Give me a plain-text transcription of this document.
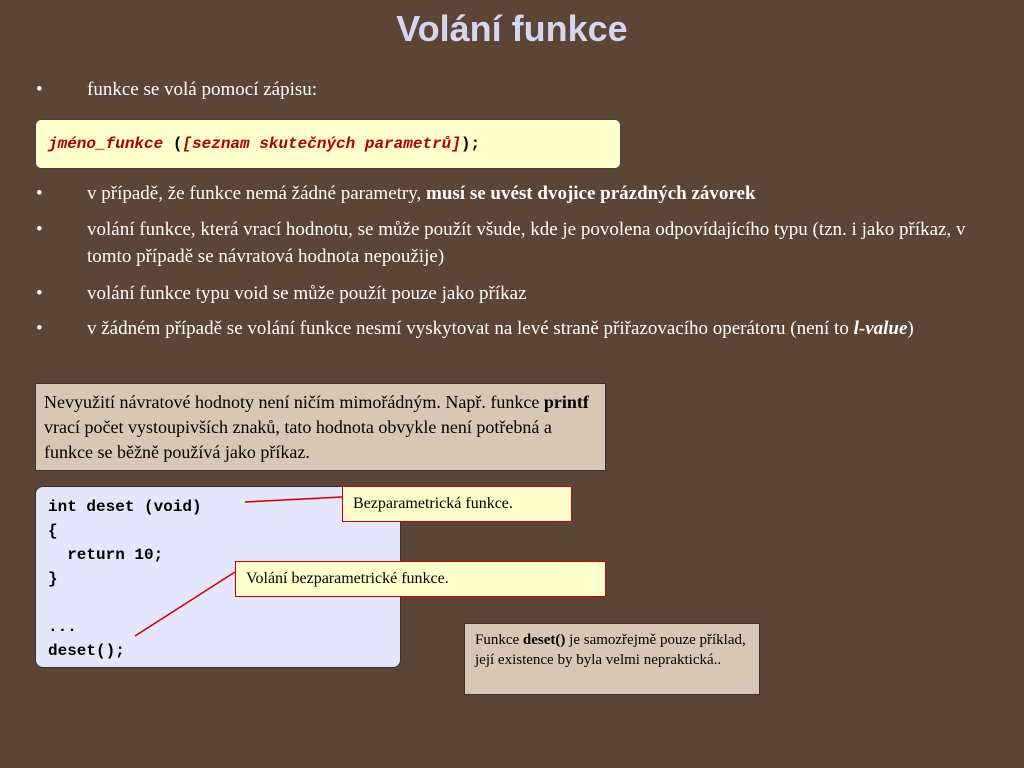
Volání funkce
• funkce se volá pomocí zápisu:
jméno_funkce ([seznam skutečných parametrů]);
• v případě, že funkce nemá žádné parametry, musí se uvést dvojice prázdných závorek
• volání funkce, která vrací hodnotu, se může použít všude, kde je povolena odpovídajícího typu (tzn. i jako příkaz, v tomto případě se návratová hodnota nepoužije)
• volání funkce typu void se může použít pouze jako příkaz
• v žádném případě se volání funkce nesmí vyskytovat na levé straně přiřazovacího operátoru (není to l-value)
Nevyužití návratové hodnoty není ničím mimořádným. Např. funkce printf vrací počet vystoupivších znaků, tato hodnota obvykle není potřebná a funkce se běžně používá jako příkaz.
int deset (void)
{
return 10;
}

...
deset();
Bezparametrická funkce.
Volání bezparametrické funkce.
Funkce deset() je samozřejmě pouze příklad, její existence by byla velmi nepraktická..
